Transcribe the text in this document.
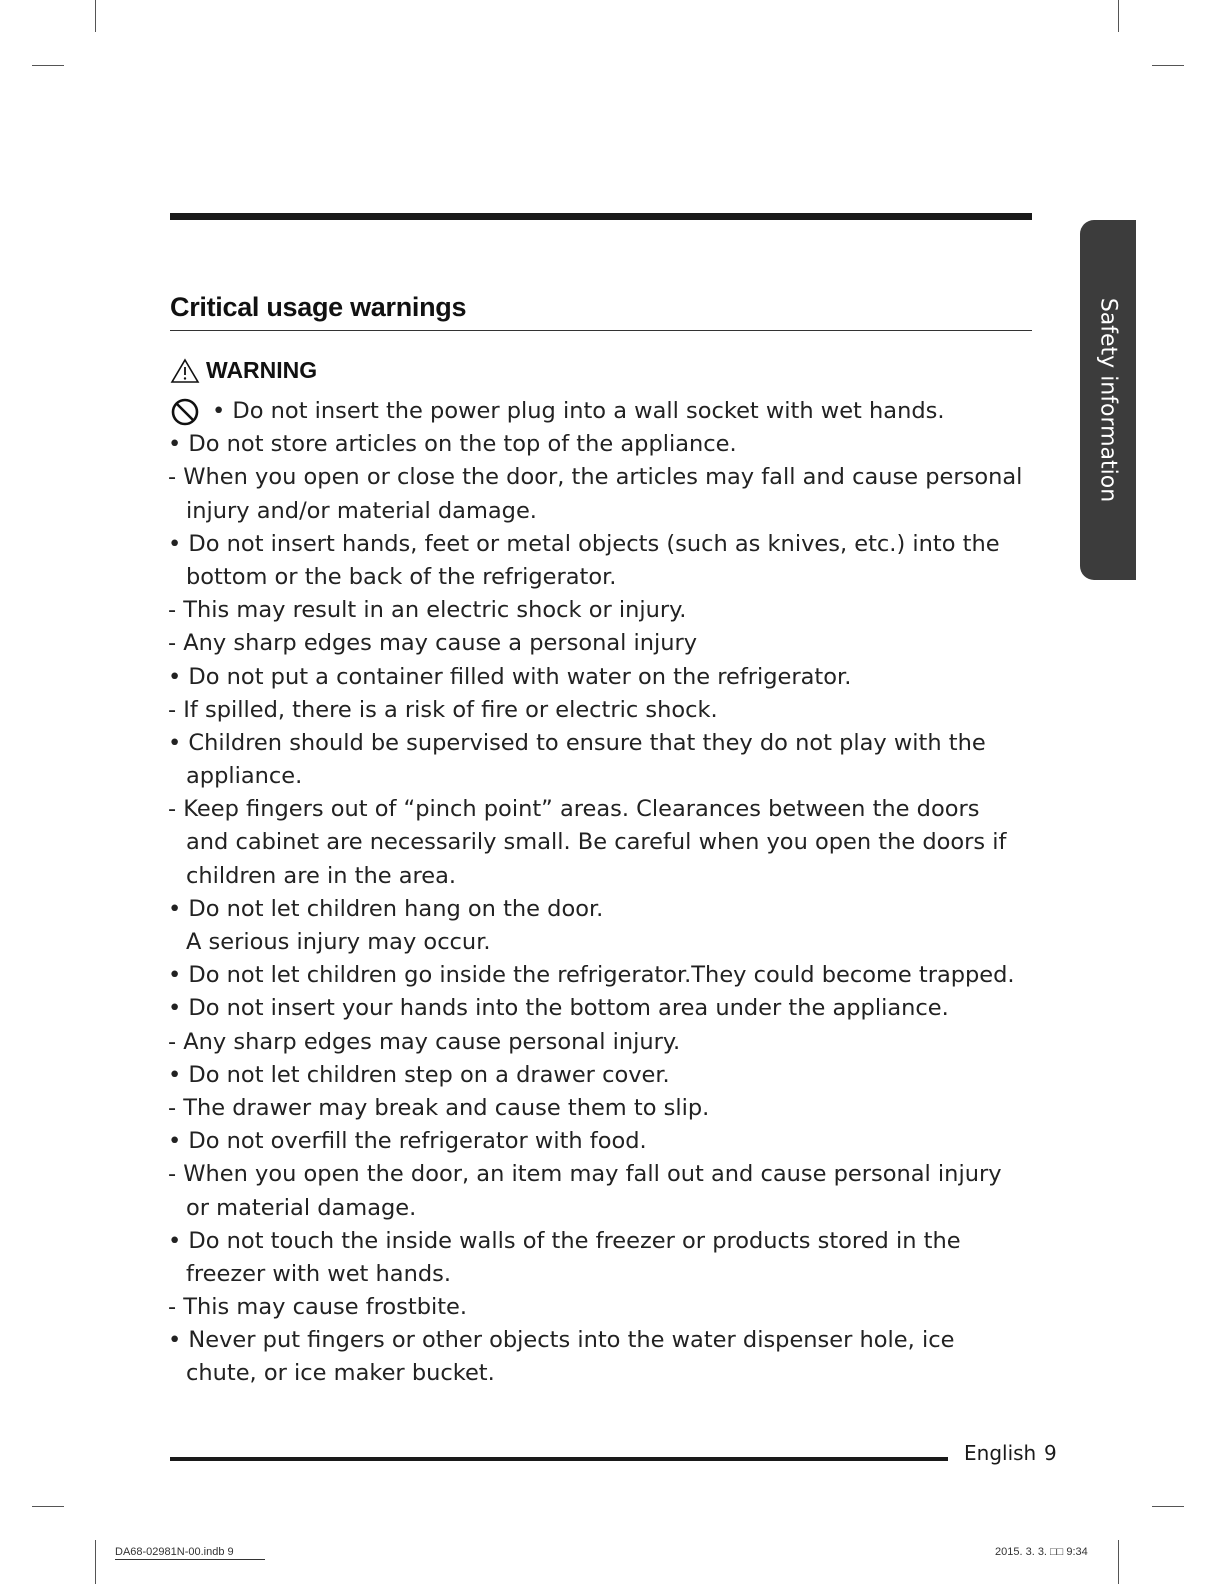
Critical usage warnings
WARNING	Safety information
• Do not insert the power plug into a wall socket with wet hands.
• Do not store articles on the top of the appliance.
- When you open or close the door, the articles may fall and cause personal
injury and/or material damage.
• Do not insert hands, feet or metal objects (such as knives, etc.) into the
bottom or the back of the refrigerator.
- This may result in an electric shock or injury.
- Any sharp edges may cause a personal injury
• Do not put a container filled with water on the refrigerator.
- If spilled, there is a risk of fire or electric shock.
• Children should be supervised to ensure that they do not play with the
appliance.
- Keep fingers out of “pinch point” areas. Clearances between the doors
and cabinet are necessarily small. Be careful when you open the doors if
children are in the area.
• Do not let children hang on the door.
A serious injury may occur.
• Do not let children go inside the refrigerator.They could become trapped.
• Do not insert your hands into the bottom area under the appliance.
- Any sharp edges may cause personal injury.
• Do not let children step on a drawer cover.
- The drawer may break and cause them to slip.
• Do not overfill the refrigerator with food.
- When you open the door, an item may fall out and cause personal injury
or material damage.
• Do not touch the inside walls of the freezer or products stored in the
freezer with wet hands.
- This may cause frostbite.
• Never put fingers or other objects into the water dispenser hole, ice
chute, or ice maker bucket.
English 9
DA68-02981N-00.indb 9	2015. 3. 3. □□ 9:34
